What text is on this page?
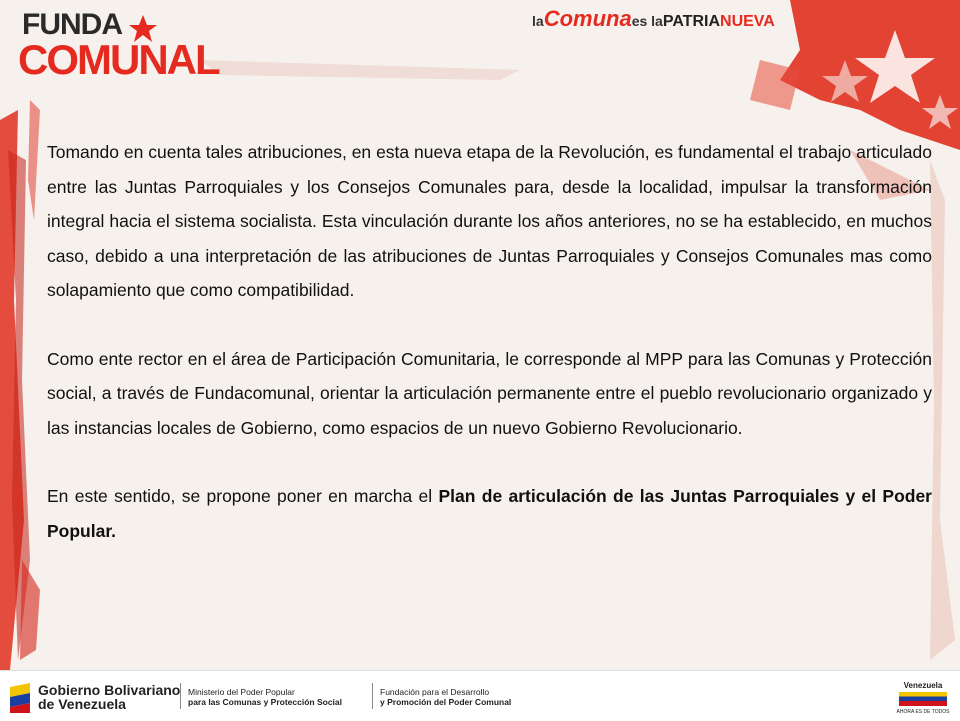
FUNDA
COMUNAL
laComunaes laPATRIANUEVA

Tomando en cuenta tales atribuciones, en esta nueva etapa de la Revolución, es fundamental el trabajo articulado entre las Juntas Parroquiales y los Consejos Comunales para, desde la localidad, impulsar la transformación integral hacia el sistema socialista. Esta vinculación durante los años anteriores, no se ha establecido, en muchos caso, debido a una interpretación de las atribuciones de Juntas Parroquiales y Consejos Comunales mas como solapamiento que como compatibilidad.

Como ente rector en el área de Participación Comunitaria, le corresponde al MPP para las Comunas y Protección social, a través de Fundacomunal, orientar la articulación permanente entre el pueblo revolucionario organizado y las instancias locales de Gobierno, como espacios de un nuevo Gobierno Revolucionario.

En este sentido, se propone poner en marcha el Plan de articulación de las Juntas Parroquiales y el Poder Popular.

Gobierno Bolivariano
de Venezuela
Ministerio del Poder Popular
para las Comunas y Protección Social
Fundación para el Desarrollo
y Promoción del Poder Comunal
Venezuela
AHORA ES DE TODOS
